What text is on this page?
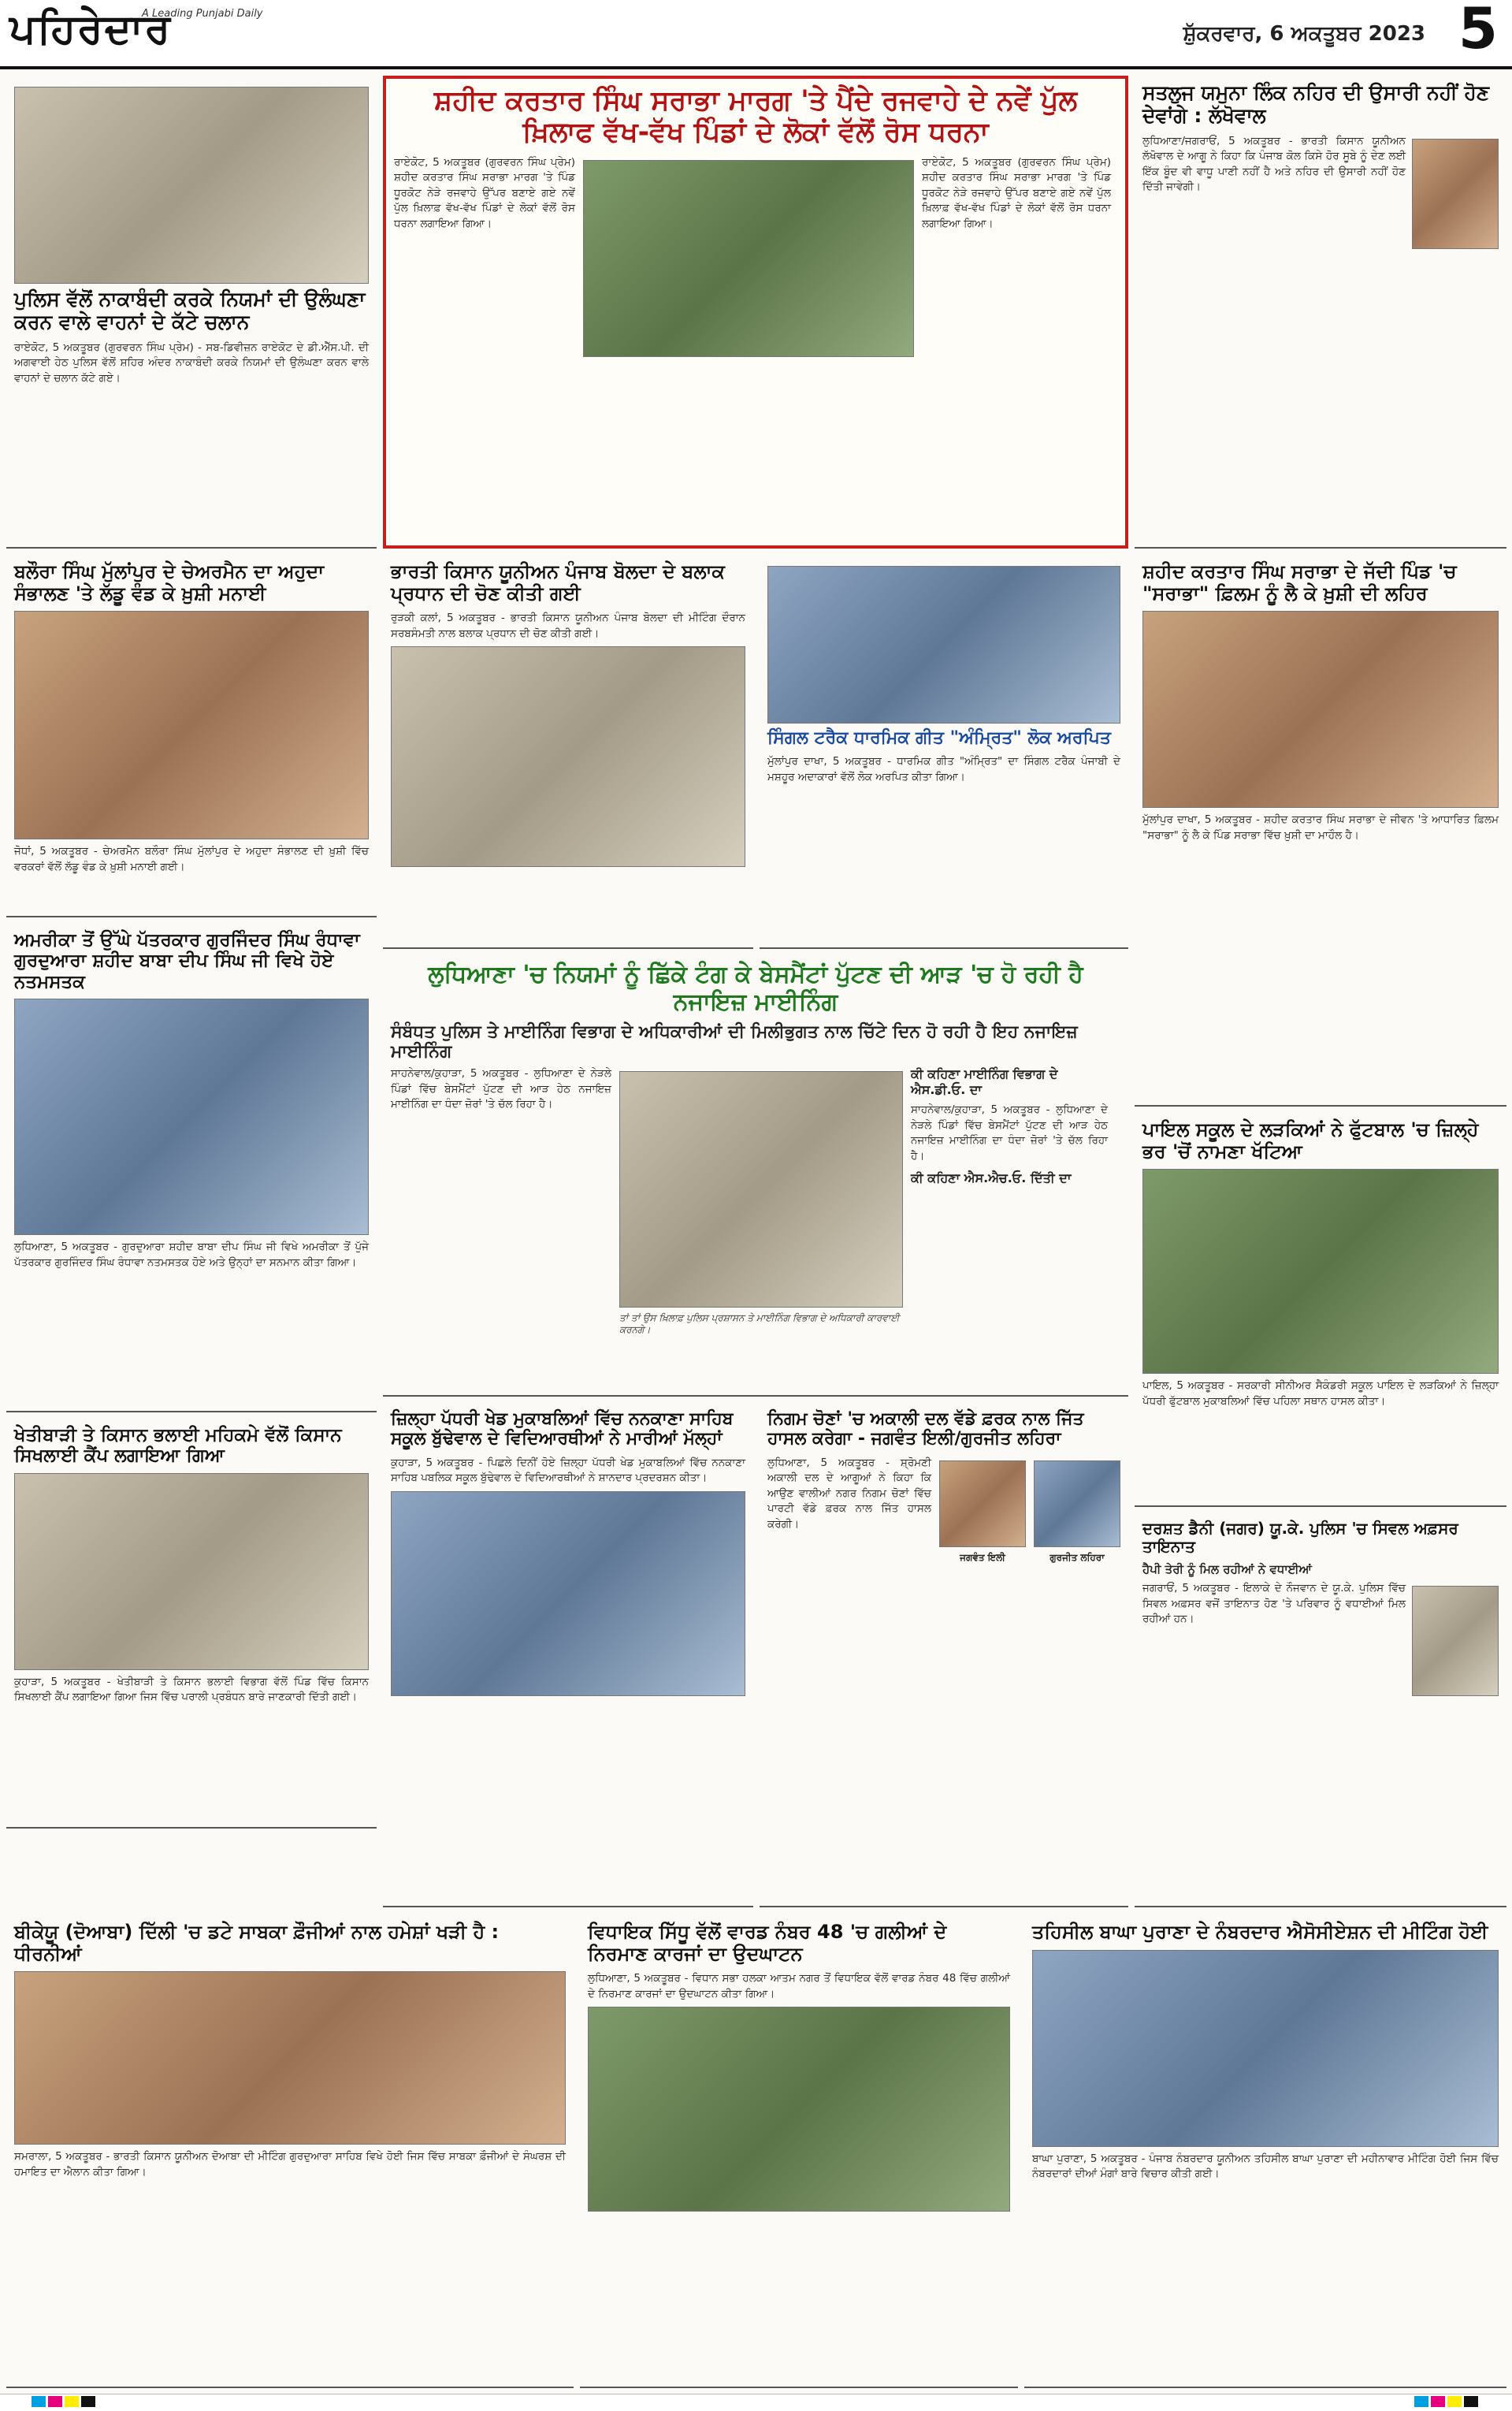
ਪਹਿਰੇਦਾਰ
A Leading Punjabi Daily
ਸ਼ੁੱਕਰਵਾਰ, 6 ਅਕਤੂਬਰ 2023 5
ਪੁਲਿਸ ਵੱਲੋਂ ਨਾਕਾਬੰਦੀ ਕਰਕੇ ਨਿਯਮਾਂ ਦੀ ਉਲੰਘਣਾ ਕਰਨ ਵਾਲੇ ਵਾਹਨਾਂ ਦੇ ਕੱਟੇ ਚਲਾਨ
ਰਾਏਕੋਟ, 5 ਅਕਤੂਬਰ (ਗੁਰਵਰਨ ਸਿੰਘ ਪ੍ਰੇਮ) - ਸਬ-ਡਿਵੀਜ਼ਨ ਰਾਏਕੋਟ ਦੇ ਡੀ.ਐੱਸ.ਪੀ. ਦੀ ਅਗਵਾਈ ਹੇਠ ਪੁਲਿਸ ਵੱਲੋਂ ਸ਼ਹਿਰ ਅੰਦਰ ਨਾਕਾਬੰਦੀ ਕਰਕੇ ਨਿਯਮਾਂ ਦੀ ਉਲੰਘਣਾ ਕਰਨ ਵਾਲੇ ਵਾਹਨਾਂ ਦੇ ਚਲਾਨ ਕੱਟੇ ਗਏ।
ਸ਼ਹੀਦ ਕਰਤਾਰ ਸਿੰਘ ਸਰਾਭਾ ਮਾਰਗ 'ਤੇ ਪੈਂਦੇ ਰਜਵਾਹੇ ਦੇ ਨਵੇਂ ਪੁੱਲ ਖ਼ਿਲਾਫ ਵੱਖ-ਵੱਖ ਪਿੰਡਾਂ ਦੇ ਲੋਕਾਂ ਵੱਲੋਂ ਰੋਸ ਧਰਨਾ
ਰਾਏਕੋਟ, 5 ਅਕਤੂਬਰ (ਗੁਰਵਰਨ ਸਿੰਘ ਪ੍ਰੇਮ) ਸ਼ਹੀਦ ਕਰਤਾਰ ਸਿੰਘ ਸਰਾਭਾ ਮਾਰਗ 'ਤੇ ਪਿੰਡ ਧੂਰਕੋਟ ਨੇੜੇ ਰਜਵਾਹੇ ਉੱਪਰ ਬਣਾਏ ਗਏ ਨਵੇਂ ਪੁੱਲ ਖ਼ਿਲਾਫ਼ ਵੱਖ-ਵੱਖ ਪਿੰਡਾਂ ਦੇ ਲੋਕਾਂ ਵੱਲੋਂ ਰੋਸ ਧਰਨਾ ਲਗਾਇਆ ਗਿਆ।
ਰਾਏਕੋਟ, 5 ਅਕਤੂਬਰ (ਗੁਰਵਰਨ ਸਿੰਘ ਪ੍ਰੇਮ) ਸ਼ਹੀਦ ਕਰਤਾਰ ਸਿੰਘ ਸਰਾਭਾ ਮਾਰਗ 'ਤੇ ਪਿੰਡ ਧੂਰਕੋਟ ਨੇੜੇ ਰਜਵਾਹੇ ਉੱਪਰ ਬਣਾਏ ਗਏ ਨਵੇਂ ਪੁੱਲ ਖ਼ਿਲਾਫ਼ ਵੱਖ-ਵੱਖ ਪਿੰਡਾਂ ਦੇ ਲੋਕਾਂ ਵੱਲੋਂ ਰੋਸ ਧਰਨਾ ਲਗਾਇਆ ਗਿਆ।
ਸਤਲੁਜ ਯਮੁਨਾ ਲਿੰਕ ਨਹਿਰ ਦੀ ਉਸਾਰੀ ਨਹੀਂ ਹੋਣ ਦੇਵਾਂਗੇ : ਲੱਖੋਵਾਲ
ਲੁਧਿਆਣਾ/ਜਗਰਾਓਂ, 5 ਅਕਤੂਬਰ - ਭਾਰਤੀ ਕਿਸਾਨ ਯੂਨੀਅਨ ਲੱਖੋਵਾਲ ਦੇ ਆਗੂ ਨੇ ਕਿਹਾ ਕਿ ਪੰਜਾਬ ਕੋਲ ਕਿਸੇ ਹੋਰ ਸੂਬੇ ਨੂੰ ਦੇਣ ਲਈ ਇੱਕ ਬੂੰਦ ਵੀ ਵਾਧੂ ਪਾਣੀ ਨਹੀਂ ਹੈ ਅਤੇ ਨਹਿਰ ਦੀ ਉਸਾਰੀ ਨਹੀਂ ਹੋਣ ਦਿੱਤੀ ਜਾਵੇਗੀ।
ਬਲੌਰਾ ਸਿੰਘ ਮੁੱਲਾਂਪੁਰ ਦੇ ਚੇਅਰਮੈਨ ਦਾ ਅਹੁਦਾ ਸੰਭਾਲਣ 'ਤੇ ਲੱਡੂ ਵੰਡ ਕੇ ਖ਼ੁਸ਼ੀ ਮਨਾਈ
ਜੋਧਾਂ, 5 ਅਕਤੂਬਰ - ਚੇਅਰਮੈਨ ਬਲੌਰਾ ਸਿੰਘ ਮੁੱਲਾਂਪੁਰ ਦੇ ਅਹੁਦਾ ਸੰਭਾਲਣ ਦੀ ਖ਼ੁਸ਼ੀ ਵਿੱਚ ਵਰਕਰਾਂ ਵੱਲੋਂ ਲੱਡੂ ਵੰਡ ਕੇ ਖ਼ੁਸ਼ੀ ਮਨਾਈ ਗਈ।
ਭਾਰਤੀ ਕਿਸਾਨ ਯੂਨੀਅਨ ਪੰਜਾਬ ਬੋਲਦਾ ਦੇ ਬਲਾਕ ਪ੍ਰਧਾਨ ਦੀ ਚੋਣ ਕੀਤੀ ਗਈ
ਰੁੜਕੀ ਕਲਾਂ, 5 ਅਕਤੂਬਰ - ਭਾਰਤੀ ਕਿਸਾਨ ਯੂਨੀਅਨ ਪੰਜਾਬ ਬੋਲਦਾ ਦੀ ਮੀਟਿੰਗ ਦੌਰਾਨ ਸਰਬਸੰਮਤੀ ਨਾਲ ਬਲਾਕ ਪ੍ਰਧਾਨ ਦੀ ਚੋਣ ਕੀਤੀ ਗਈ।
ਸਿੰਗਲ ਟਰੈਕ ਧਾਰਮਿਕ ਗੀਤ "ਅੰਮ੍ਰਿਤ" ਲੋਕ ਅਰਪਿਤ
ਮੁੱਲਾਂਪੁਰ ਦਾਖਾ, 5 ਅਕਤੂਬਰ - ਧਾਰਮਿਕ ਗੀਤ "ਅੰਮ੍ਰਿਤ" ਦਾ ਸਿੰਗਲ ਟਰੈਕ ਪੰਜਾਬੀ ਦੇ ਮਸ਼ਹੂਰ ਅਦਾਕਾਰਾਂ ਵੱਲੋਂ ਲੋਕ ਅਰਪਿਤ ਕੀਤਾ ਗਿਆ।
ਸ਼ਹੀਦ ਕਰਤਾਰ ਸਿੰਘ ਸਰਾਭਾ ਦੇ ਜੱਦੀ ਪਿੰਡ 'ਚ "ਸਰਾਭਾ" ਫ਼ਿਲਮ ਨੂੰ ਲੈ ਕੇ ਖ਼ੁਸ਼ੀ ਦੀ ਲਹਿਰ
ਮੁੱਲਾਂਪੁਰ ਦਾਖਾ, 5 ਅਕਤੂਬਰ - ਸ਼ਹੀਦ ਕਰਤਾਰ ਸਿੰਘ ਸਰਾਭਾ ਦੇ ਜੀਵਨ 'ਤੇ ਆਧਾਰਿਤ ਫ਼ਿਲਮ "ਸਰਾਭਾ" ਨੂੰ ਲੈ ਕੇ ਪਿੰਡ ਸਰਾਭਾ ਵਿੱਚ ਖ਼ੁਸ਼ੀ ਦਾ ਮਾਹੌਲ ਹੈ।
ਅਮਰੀਕਾ ਤੋਂ ਉੱਘੇ ਪੱਤਰਕਾਰ ਗੁਰਜਿੰਦਰ ਸਿੰਘ ਰੰਧਾਵਾ ਗੁਰਦੁਆਰਾ ਸ਼ਹੀਦ ਬਾਬਾ ਦੀਪ ਸਿੰਘ ਜੀ ਵਿਖੇ ਹੋਏ ਨਤਮਸਤਕ
ਲੁਧਿਆਣਾ, 5 ਅਕਤੂਬਰ - ਗੁਰਦੁਆਰਾ ਸ਼ਹੀਦ ਬਾਬਾ ਦੀਪ ਸਿੰਘ ਜੀ ਵਿਖੇ ਅਮਰੀਕਾ ਤੋਂ ਪੁੱਜੇ ਪੱਤਰਕਾਰ ਗੁਰਜਿੰਦਰ ਸਿੰਘ ਰੰਧਾਵਾ ਨਤਮਸਤਕ ਹੋਏ ਅਤੇ ਉਨ੍ਹਾਂ ਦਾ ਸਨਮਾਨ ਕੀਤਾ ਗਿਆ।
ਲੁਧਿਆਣਾ 'ਚ ਨਿਯਮਾਂ ਨੂੰ ਛਿੱਕੇ ਟੰਗ ਕੇ ਬੇਸਮੈਂਟਾਂ ਪੁੱਟਣ ਦੀ ਆੜ 'ਚ ਹੋ ਰਹੀ ਹੈ ਨਜਾਇਜ਼ ਮਾਈਨਿੰਗ
ਸੰਬੰਧਤ ਪੁਲਿਸ ਤੇ ਮਾਈਨਿੰਗ ਵਿਭਾਗ ਦੇ ਅਧਿਕਾਰੀਆਂ ਦੀ ਮਿਲੀਭੁਗਤ ਨਾਲ ਚਿੱਟੇ ਦਿਨ ਹੋ ਰਹੀ ਹੈ ਇਹ ਨਜਾਇਜ਼ ਮਾਈਨਿੰਗ
ਸਾਹਨੇਵਾਲ/ਕੁਹਾੜਾ, 5 ਅਕਤੂਬਰ - ਲੁਧਿਆਣਾ ਦੇ ਨੇੜਲੇ ਪਿੰਡਾਂ ਵਿੱਚ ਬੇਸਮੈਂਟਾਂ ਪੁੱਟਣ ਦੀ ਆੜ ਹੇਠ ਨਜਾਇਜ਼ ਮਾਈਨਿੰਗ ਦਾ ਧੰਦਾ ਜ਼ੋਰਾਂ 'ਤੇ ਚੱਲ ਰਿਹਾ ਹੈ।
ਤਾਂ ਤਾਂ ਉਸ ਖ਼ਿਲਾਫ਼ ਪੁਲਿਸ ਪ੍ਰਸ਼ਾਸਨ ਤੇ ਮਾਈਨਿੰਗ ਵਿਭਾਗ ਦੇ ਅਧਿਕਾਰੀ ਕਾਰਵਾਈ ਕਰਨਗੇ।
ਕੀ ਕਹਿਣਾ ਮਾਈਨਿੰਗ ਵਿਭਾਗ ਦੇ ਐਸ.ਡੀ.ਓ. ਦਾ
ਸਾਹਨੇਵਾਲ/ਕੁਹਾੜਾ, 5 ਅਕਤੂਬਰ - ਲੁਧਿਆਣਾ ਦੇ ਨੇੜਲੇ ਪਿੰਡਾਂ ਵਿੱਚ ਬੇਸਮੈਂਟਾਂ ਪੁੱਟਣ ਦੀ ਆੜ ਹੇਠ ਨਜਾਇਜ਼ ਮਾਈਨਿੰਗ ਦਾ ਧੰਦਾ ਜ਼ੋਰਾਂ 'ਤੇ ਚੱਲ ਰਿਹਾ ਹੈ।
ਕੀ ਕਹਿਣਾ ਐਸ.ਐਚ.ਓ. ਦਿੱਤੀ ਦਾ
ਪਾਇਲ ਸਕੂਲ ਦੇ ਲੜਕਿਆਂ ਨੇ ਫੁੱਟਬਾਲ 'ਚ ਜ਼ਿਲ੍ਹੇ ਭਰ 'ਚੋਂ ਨਾਮਣਾ ਖੱਟਿਆ
ਪਾਇਲ, 5 ਅਕਤੂਬਰ - ਸਰਕਾਰੀ ਸੀਨੀਅਰ ਸੈਕੰਡਰੀ ਸਕੂਲ ਪਾਇਲ ਦੇ ਲੜਕਿਆਂ ਨੇ ਜ਼ਿਲ੍ਹਾ ਪੱਧਰੀ ਫੁੱਟਬਾਲ ਮੁਕਾਬਲਿਆਂ ਵਿੱਚ ਪਹਿਲਾ ਸਥਾਨ ਹਾਸਲ ਕੀਤਾ।
ਖੇਤੀਬਾੜੀ ਤੇ ਕਿਸਾਨ ਭਲਾਈ ਮਹਿਕਮੇ ਵੱਲੋਂ ਕਿਸਾਨ ਸਿਖਲਾਈ ਕੈਂਪ ਲਗਾਇਆ ਗਿਆ
ਕੁਹਾੜਾ, 5 ਅਕਤੂਬਰ - ਖੇਤੀਬਾੜੀ ਤੇ ਕਿਸਾਨ ਭਲਾਈ ਵਿਭਾਗ ਵੱਲੋਂ ਪਿੰਡ ਵਿੱਚ ਕਿਸਾਨ ਸਿਖਲਾਈ ਕੈਂਪ ਲਗਾਇਆ ਗਿਆ ਜਿਸ ਵਿੱਚ ਪਰਾਲੀ ਪ੍ਰਬੰਧਨ ਬਾਰੇ ਜਾਣਕਾਰੀ ਦਿੱਤੀ ਗਈ।
ਜ਼ਿਲ੍ਹਾ ਪੱਧਰੀ ਖੇਡ ਮੁਕਾਬਲਿਆਂ ਵਿੱਚ ਨਨਕਾਣਾ ਸਾਹਿਬ ਸਕੂਲ ਬੁੱਢੇਵਾਲ ਦੇ ਵਿਦਿਆਰਥੀਆਂ ਨੇ ਮਾਰੀਆਂ ਮੱਲ੍ਹਾਂ
ਕੁਹਾੜਾ, 5 ਅਕਤੂਬਰ - ਪਿਛਲੇ ਦਿਨੀਂ ਹੋਏ ਜ਼ਿਲ੍ਹਾ ਪੱਧਰੀ ਖੇਡ ਮੁਕਾਬਲਿਆਂ ਵਿੱਚ ਨਨਕਾਣਾ ਸਾਹਿਬ ਪਬਲਿਕ ਸਕੂਲ ਬੁੱਢੇਵਾਲ ਦੇ ਵਿਦਿਆਰਥੀਆਂ ਨੇ ਸ਼ਾਨਦਾਰ ਪ੍ਰਦਰਸ਼ਨ ਕੀਤਾ।
ਨਿਗਮ ਚੋਣਾਂ 'ਚ ਅਕਾਲੀ ਦਲ ਵੱਡੇ ਫ਼ਰਕ ਨਾਲ ਜਿੱਤ ਹਾਸਲ ਕਰੇਗਾ - ਜਗਵੰਤ ਇਲੀ/ਗੁਰਜੀਤ ਲਹਿਰਾ
ਲੁਧਿਆਣਾ, 5 ਅਕਤੂਬਰ - ਸ਼੍ਰੋਮਣੀ ਅਕਾਲੀ ਦਲ ਦੇ ਆਗੂਆਂ ਨੇ ਕਿਹਾ ਕਿ ਆਉਣ ਵਾਲੀਆਂ ਨਗਰ ਨਿਗਮ ਚੋਣਾਂ ਵਿੱਚ ਪਾਰਟੀ ਵੱਡੇ ਫ਼ਰਕ ਨਾਲ ਜਿੱਤ ਹਾਸਲ ਕਰੇਗੀ।
ਜਗਵੰਤ ਇਲੀ	ਗੁਰਜੀਤ ਲਹਿਰਾ
ਦਰਸ਼ਤ ਡੈਨੀ (ਜਗਰ) ਯੂ.ਕੇ. ਪੁਲਿਸ 'ਚ ਸਿਵਲ ਅਫ਼ਸਰ ਤਾਇਨਾਤ
ਹੈਪੀ ਤੇਰੀ ਨੂੰ ਮਿਲ ਰਹੀਆਂ ਨੇ ਵਧਾਈਆਂ
ਜਗਰਾਓਂ, 5 ਅਕਤੂਬਰ - ਇਲਾਕੇ ਦੇ ਨੌਜਵਾਨ ਦੇ ਯੂ.ਕੇ. ਪੁਲਿਸ ਵਿੱਚ ਸਿਵਲ ਅਫ਼ਸਰ ਵਜੋਂ ਤਾਇਨਾਤ ਹੋਣ 'ਤੇ ਪਰਿਵਾਰ ਨੂੰ ਵਧਾਈਆਂ ਮਿਲ ਰਹੀਆਂ ਹਨ।
ਬੀਕੇਯੂ (ਦੋਆਬਾ) ਦਿੱਲੀ 'ਚ ਡਟੇ ਸਾਬਕਾ ਫ਼ੌਜੀਆਂ ਨਾਲ ਹਮੇਸ਼ਾਂ ਖੜੀ ਹੈ : ਧੀਰਨੀਆਂ
ਸਮਰਾਲਾ, 5 ਅਕਤੂਬਰ - ਭਾਰਤੀ ਕਿਸਾਨ ਯੂਨੀਅਨ ਦੋਆਬਾ ਦੀ ਮੀਟਿੰਗ ਗੁਰਦੁਆਰਾ ਸਾਹਿਬ ਵਿਖੇ ਹੋਈ ਜਿਸ ਵਿੱਚ ਸਾਬਕਾ ਫ਼ੌਜੀਆਂ ਦੇ ਸੰਘਰਸ਼ ਦੀ ਹਮਾਇਤ ਦਾ ਐਲਾਨ ਕੀਤਾ ਗਿਆ।
ਵਿਧਾਇਕ ਸਿੱਧੂ ਵੱਲੋਂ ਵਾਰਡ ਨੰਬਰ 48 'ਚ ਗਲੀਆਂ ਦੇ ਨਿਰਮਾਣ ਕਾਰਜਾਂ ਦਾ ਉਦਘਾਟਨ
ਲੁਧਿਆਣਾ, 5 ਅਕਤੂਬਰ - ਵਿਧਾਨ ਸਭਾ ਹਲਕਾ ਆਤਮ ਨਗਰ ਤੋਂ ਵਿਧਾਇਕ ਵੱਲੋਂ ਵਾਰਡ ਨੰਬਰ 48 ਵਿੱਚ ਗਲੀਆਂ ਦੇ ਨਿਰਮਾਣ ਕਾਰਜਾਂ ਦਾ ਉਦਘਾਟਨ ਕੀਤਾ ਗਿਆ।
ਤਹਿਸੀਲ ਬਾਘਾ ਪੁਰਾਣਾ ਦੇ ਨੰਬਰਦਾਰ ਐਸੋਸੀਏਸ਼ਨ ਦੀ ਮੀਟਿੰਗ ਹੋਈ
ਬਾਘਾ ਪੁਰਾਣਾ, 5 ਅਕਤੂਬਰ - ਪੰਜਾਬ ਨੰਬਰਦਾਰ ਯੂਨੀਅਨ ਤਹਿਸੀਲ ਬਾਘਾ ਪੁਰਾਣਾ ਦੀ ਮਹੀਨਾਵਾਰ ਮੀਟਿੰਗ ਹੋਈ ਜਿਸ ਵਿੱਚ ਨੰਬਰਦਾਰਾਂ ਦੀਆਂ ਮੰਗਾਂ ਬਾਰੇ ਵਿਚਾਰ ਕੀਤੀ ਗਈ।
